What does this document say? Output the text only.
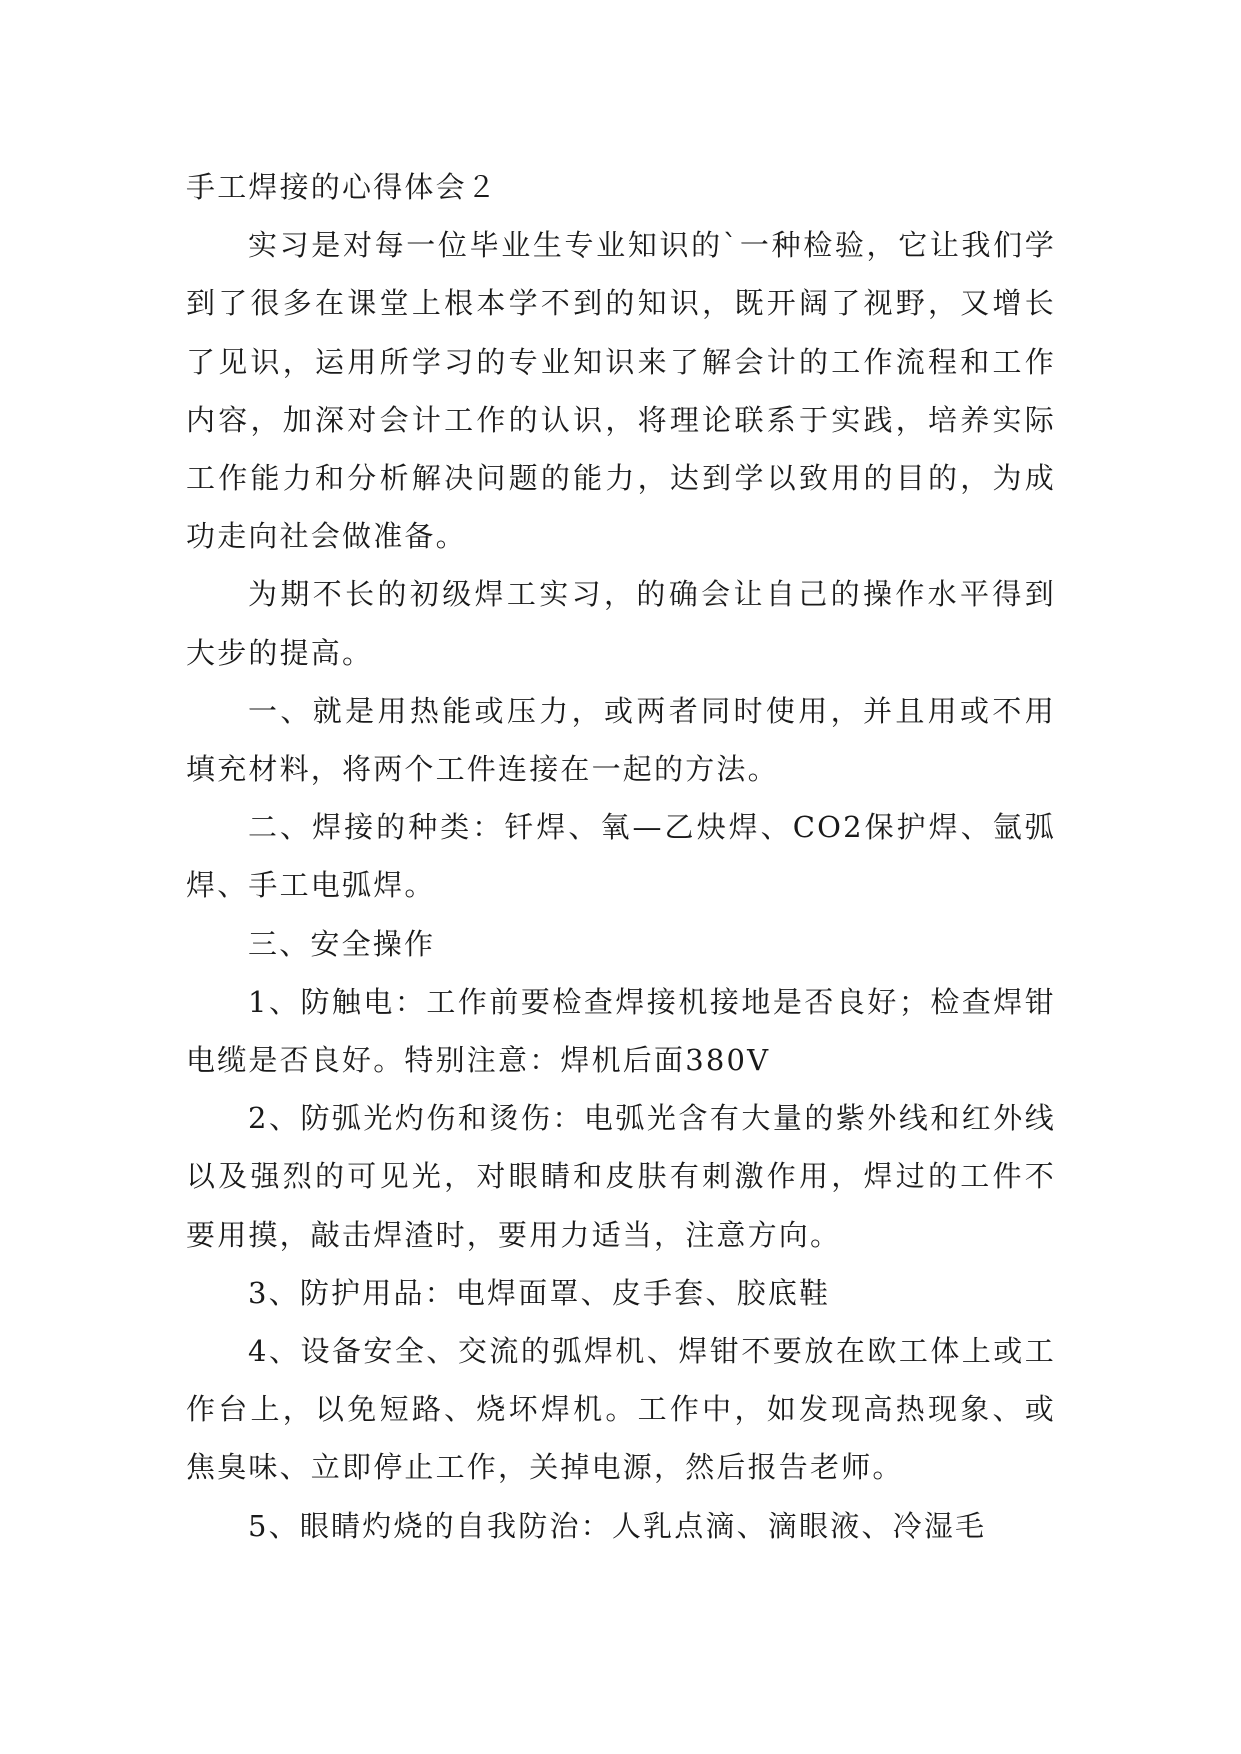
手工焊接的心得体会２

实习是对每一位毕业生专业知识的`一种检验，它让我们学到了很多在课堂上根本学不到的知识，既开阔了视野，又增长了见识，运用所学习的专业知识来了解会计的工作流程和工作内容，加深对会计工作的认识，将理论联系于实践，培养实际工作能力和分析解决问题的能力，达到学以致用的目的，为成功走向社会做准备。

为期不长的初级焊工实习，的确会让自己的操作水平得到大步的提高。

一、就是用热能或压力，或两者同时使用，并且用或不用填充材料，将两个工件连接在一起的方法。

二、焊接的种类：钎焊、氧—乙炔焊、CO2保护焊、氩弧焊、手工电弧焊。

三、安全操作

1、防触电：工作前要检查焊接机接地是否良好；检查焊钳电缆是否良好。特别注意：焊机后面380V

2、防弧光灼伤和烫伤：电弧光含有大量的紫外线和红外线以及强烈的可见光，对眼睛和皮肤有刺激作用，焊过的工件不要用摸，敲击焊渣时，要用力适当，注意方向。

3、防护用品：电焊面罩、皮手套、胶底鞋

4、设备安全、交流的弧焊机、焊钳不要放在欧工体上或工作台上，以免短路、烧坏焊机。工作中，如发现高热现象、或焦臭味、立即停止工作，关掉电源，然后报告老师。

5、眼睛灼烧的自我防治：人乳点滴、滴眼液、冷湿毛
